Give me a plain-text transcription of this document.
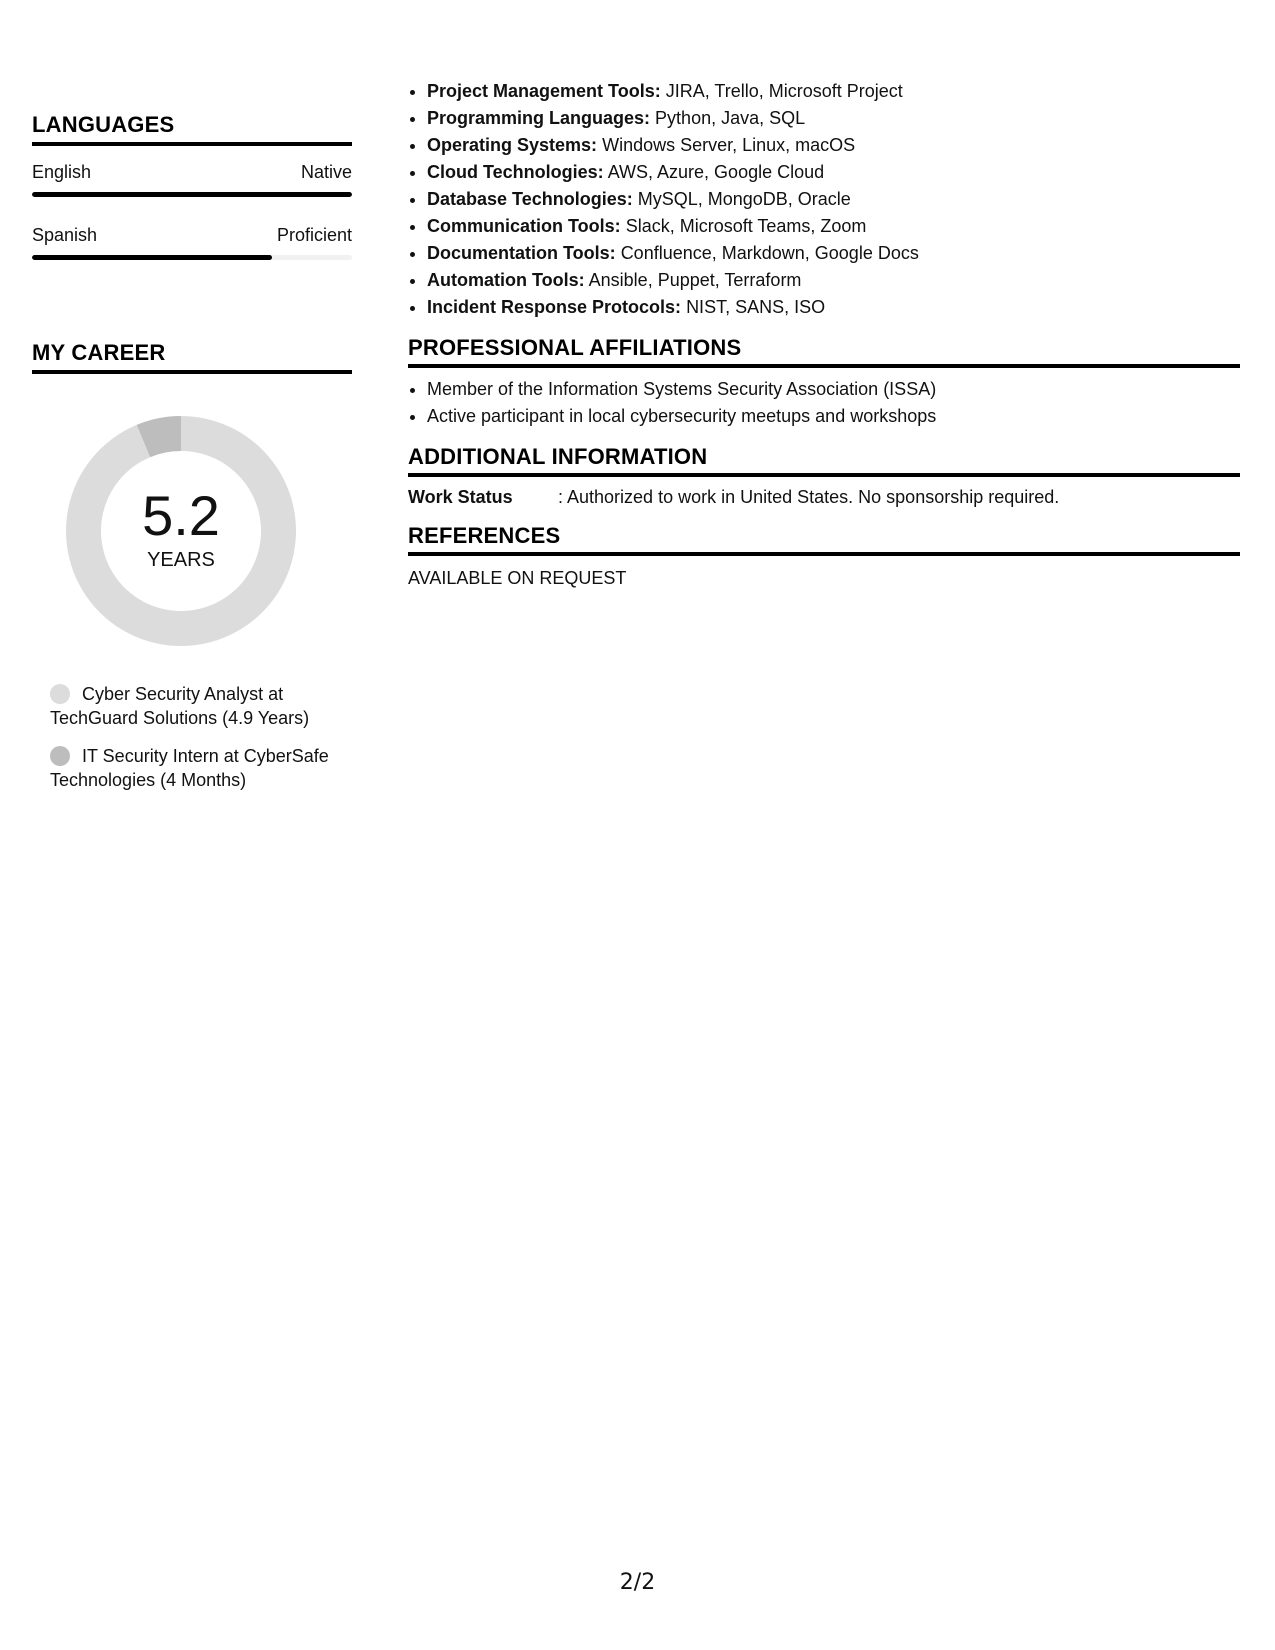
LANGUAGES
English	Native
Spanish	Proficient
MY CAREER
5.2
YEARS
Cyber Security Analyst at TechGuard Solutions (4.9 Years)
IT Security Intern at CyberSafe Technologies (4 Months)
• Project Management Tools: JIRA, Trello, Microsoft Project
• Programming Languages: Python, Java, SQL
• Operating Systems: Windows Server, Linux, macOS
• Cloud Technologies: AWS, Azure, Google Cloud
• Database Technologies: MySQL, MongoDB, Oracle
• Communication Tools: Slack, Microsoft Teams, Zoom
• Documentation Tools: Confluence, Markdown, Google Docs
• Automation Tools: Ansible, Puppet, Terraform
• Incident Response Protocols: NIST, SANS, ISO
PROFESSIONAL AFFILIATIONS
• Member of the Information Systems Security Association (ISSA)
• Active participant in local cybersecurity meetups and workshops
ADDITIONAL INFORMATION
Work Status	: Authorized to work in United States. No sponsorship required.
REFERENCES
AVAILABLE ON REQUEST
2/2
